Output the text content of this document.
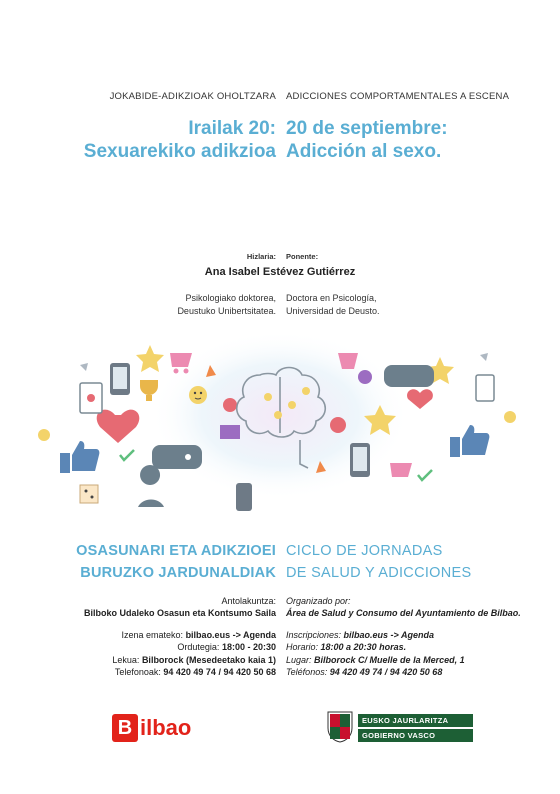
JOKABIDE-ADIKZIOAK OHOLTZARA ADICCIONES COMPORTAMENTALES A ESCENA
Irailak 20: 20 de septiembre:
Sexuarekiko adikzioa Adicción al sexo.
Hizlaria: Ponente:
Ana Isabel Estévez Gutiérrez
Psikologiako doktorea,
Deustuko Unibertsitatea.
Doctora en Psicología,
Universidad de Deusto.
OSASUNARI ETA ADIKZIOEI
BURUZKO JARDUNALDIAK
CICLO DE JORNADAS
DE SALUD Y ADICCIONES
Antolakuntza:
Bilboko Udaleko Osasun eta Kontsumo Saila
Organizado por:
Área de Salud y Consumo del Ayuntamiento de Bilbao.
Izena emateko: bilbao.eus -> Agenda
Ordutegia: 18:00 - 20:30
Lekua: Bilborock (Mesedeetako kaia 1)
Telefonoak: 94 420 49 74 / 94 420 50 68
Inscripciones: bilbao.eus -> Agenda
Horario: 18:00 a 20:30 horas.
Lugar: Bilborock C/ Muelle de la Merced, 1
Teléfonos: 94 420 49 74 / 94 420 50 68
B ilbao	EUSKO JAURLARITZA
GOBIERNO VASCO
